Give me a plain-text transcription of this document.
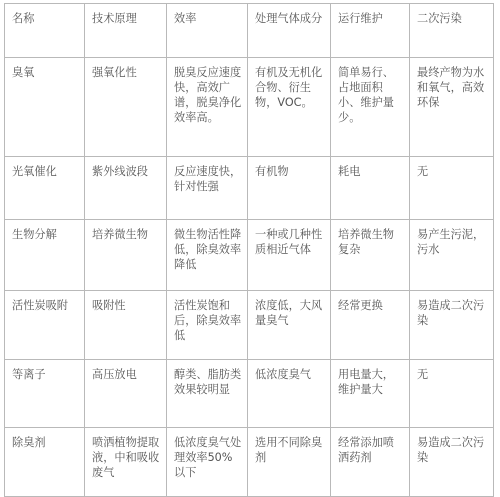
名称	技术原理	效率	处理气体成分	运行维护	二次污染
臭氧	强氧化性	脱臭反应速度快，高效广谱，脱臭净化效率高。	有机及无机化合物、衍生物，VOC。	简单易行、占地面积小、维护量少。	最终产物为水和氧气，高效环保
光氧催化	紫外线波段	反应速度快，针对性强	有机物	耗电	无
生物分解	培养微生物	微生物活性降低，除臭效率降低	一种或几种性质相近气体	培养微生物复杂	易产生污泥，污水
活性炭吸附	吸附性	活性炭饱和后，除臭效率低	浓度低，大风量臭气	经常更换	易造成二次污染
等离子	高压放电	醇类、脂肪类效果较明显	低浓度臭气	用电量大，维护量大	无
除臭剂	喷洒植物提取液，中和吸收废气	低浓度臭气处理效率50%以下	选用不同除臭剂	经常添加喷洒药剂	易造成二次污染
